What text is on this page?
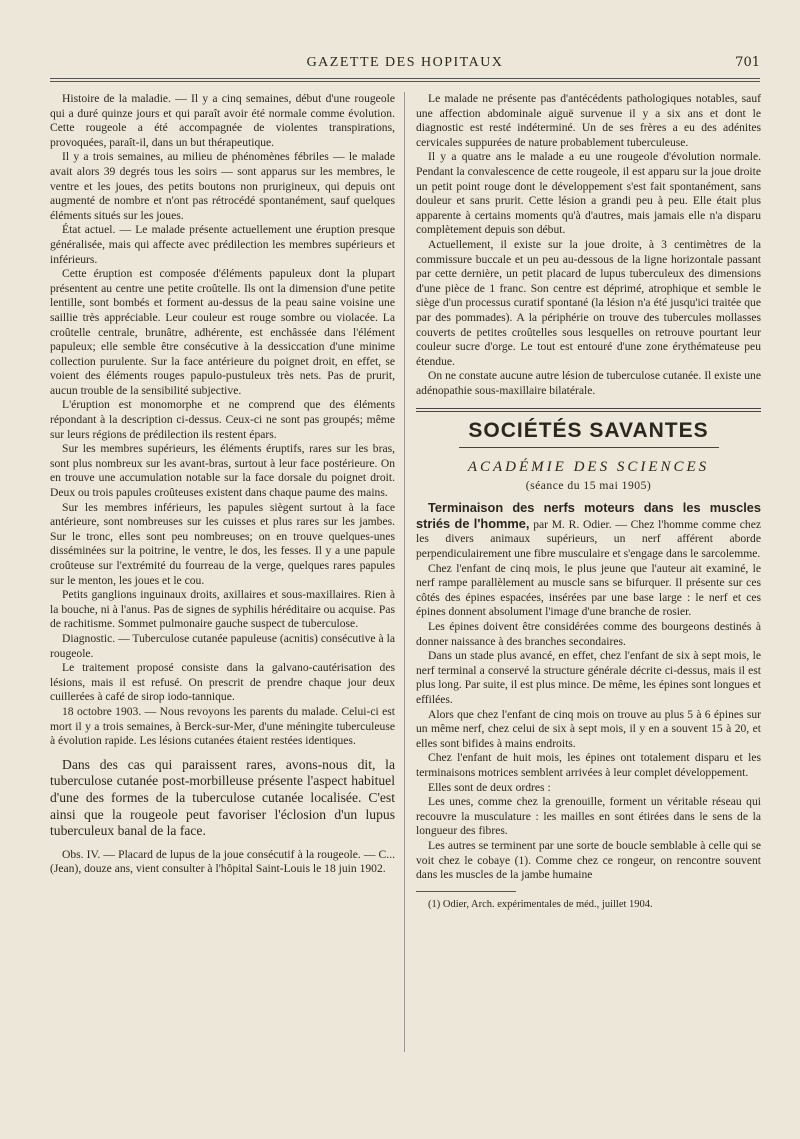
GAZETTE DES HOPITAUX	701

Histoire de la maladie. — Il y a cinq semaines, début d'une rougeole qui a duré quinze jours et qui paraît avoir été normale comme évolution. Cette rougeole a été accompagnée de violentes transpirations, provoquées, paraît-il, dans un but thérapeutique.

Il y a trois semaines, au milieu de phénomènes fébriles — le malade avait alors 39 degrés tous les soirs — sont apparus sur les membres, le ventre et les joues, des petits boutons non prurigineux, qui depuis ont augmenté de nombre et n'ont pas rétrocédé spontanément, sauf quelques éléments situés sur les joues.

État actuel. — Le malade présente actuellement une éruption presque généralisée, mais qui affecte avec prédilection les membres supérieurs et inférieurs.

Cette éruption est composée d'éléments papuleux dont la plupart présentent au centre une petite croûtelle. Ils ont la dimension d'une petite lentille, sont bombés et forment au-dessus de la peau saine voisine une saillie très appréciable. Leur couleur est rouge sombre ou violacée. La croûtelle centrale, brunâtre, adhérente, est enchâssée dans l'élément papuleux; elle semble être consécutive à la dessiccation d'une minime collection purulente. Sur la face antérieure du poignet droit, en effet, se voient des éléments rouges papulo-pustuleux très nets. Pas de prurit, aucun trouble de la sensibilité subjective.

L'éruption est monomorphe et ne comprend que des éléments répondant à la description ci-dessus. Ceux-ci ne sont pas groupés; même sur leurs régions de prédilection ils restent épars.

Sur les membres supérieurs, les éléments éruptifs, rares sur les bras, sont plus nombreux sur les avant-bras, surtout à leur face postérieure. On en trouve une accumulation notable sur la face dorsale du poignet droit. Deux ou trois papules croûteuses existent dans chaque paume des mains.

Sur les membres inférieurs, les papules siègent surtout à la face antérieure, sont nombreuses sur les cuisses et plus rares sur les jambes. Sur le tronc, elles sont peu nombreuses; on en trouve quelques-unes disséminées sur la poitrine, le ventre, le dos, les fesses. Il y a une papule croûteuse sur l'extrémité du fourreau de la verge, quelques rares papules sur le menton, les joues et le cou.

Petits ganglions inguinaux droits, axillaires et sous-maxillaires. Rien à la bouche, ni à l'anus. Pas de signes de syphilis héréditaire ou acquise. Pas de rachitisme. Sommet pulmonaire gauche suspect de tuberculose.

Diagnostic. — Tuberculose cutanée papuleuse (acnitis) consécutive à la rougeole.

Le traitement proposé consiste dans la galvano-cautérisation des lésions, mais il est refusé. On prescrit de prendre chaque jour deux cuillerées à café de sirop iodo-tannique.

18 octobre 1903. — Nous revoyons les parents du malade. Celui-ci est mort il y a trois semaines, à Berck-sur-Mer, d'une méningite tuberculeuse à évolution rapide. Les lésions cutanées étaient restées identiques.

Dans des cas qui paraissent rares, avons-nous dit, la tuberculose cutanée post-morbilleuse présente l'aspect habituel d'une des formes de la tuberculose cutanée localisée. C'est ainsi que la rougeole peut favoriser l'éclosion d'un lupus tuberculeux banal de la face.

Obs. IV. — Placard de lupus de la joue consécutif à la rougeole. — C... (Jean), douze ans, vient consulter à l'hôpital Saint-Louis le 18 juin 1902.

Le malade ne présente pas d'antécédents pathologiques notables, sauf une affection abdominale aiguë survenue il y a six ans et dont le diagnostic est resté indéterminé. Un de ses frères a eu des adénites cervicales suppurées de nature probablement tuberculeuse.

Il y a quatre ans le malade a eu une rougeole d'évolution normale. Pendant la convalescence de cette rougeole, il est apparu sur la joue droite un petit point rouge dont le développement s'est fait spontanément, sans douleur et sans prurit. Cette lésion a grandi peu à peu. Elle était plus apparente à certains moments qu'à d'autres, mais jamais elle n'a disparu complètement depuis son début.

Actuellement, il existe sur la joue droite, à 3 centimètres de la commissure buccale et un peu au-dessous de la ligne horizontale passant par cette dernière, un petit placard de lupus tuberculeux des dimensions d'une pièce de 1 franc. Son centre est déprimé, atrophique et semble le siège d'un processus curatif spontané (la lésion n'a été jusqu'ici traitée que par des pommades). A la périphérie on trouve des tubercules mollasses couverts de petites croûtelles sous lesquelles on retrouve pourtant leur couleur sucre d'orge. Le tout est entouré d'une zone érythémateuse peu étendue.

On ne constate aucune autre lésion de tuberculose cutanée. Il existe une adénopathie sous-maxillaire bilatérale.

SOCIÉTÉS SAVANTES
ACADÉMIE DES SCIENCES
(séance du 15 mai 1905)

Terminaison des nerfs moteurs dans les muscles striés de l'homme, par M. R. Odier. — Chez l'homme comme chez les divers animaux supérieurs, un nerf afférent aborde perpendiculairement une fibre musculaire et s'engage dans le sarcolemme.

Chez l'enfant de cinq mois, le plus jeune que l'auteur ait examiné, le nerf rampe parallèlement au muscle sans se bifurquer. Il présente sur ces côtés des épines espacées, insérées par une base large : le nerf et ces épines donnent absolument l'image d'une branche de rosier.

Les épines doivent être considérées comme des bourgeons destinés à donner naissance à des branches secondaires.

Dans un stade plus avancé, en effet, chez l'enfant de six à sept mois, le nerf terminal a conservé la structure générale décrite ci-dessus, mais il est plus long. Par suite, il est plus mince. De même, les épines sont longues et effilées.

Alors que chez l'enfant de cinq mois on trouve au plus 5 à 6 épines sur un même nerf, chez celui de six à sept mois, il y en a souvent 15 à 20, et elles sont bifides à mains endroits.

Chez l'enfant de huit mois, les épines ont totalement disparu et les terminaisons motrices semblent arrivées à leur complet développement.

Elles sont de deux ordres :

Les unes, comme chez la grenouille, forment un véritable réseau qui recouvre la musculature : les mailles en sont étirées dans le sens de la longueur des fibres.

Les autres se terminent par une sorte de boucle semblable à celle qui se voit chez le cobaye (1). Comme chez ce rongeur, on rencontre souvent dans les muscles de la jambe humaine

(1) Odier, Arch. expérimentales de méd., juillet 1904.
